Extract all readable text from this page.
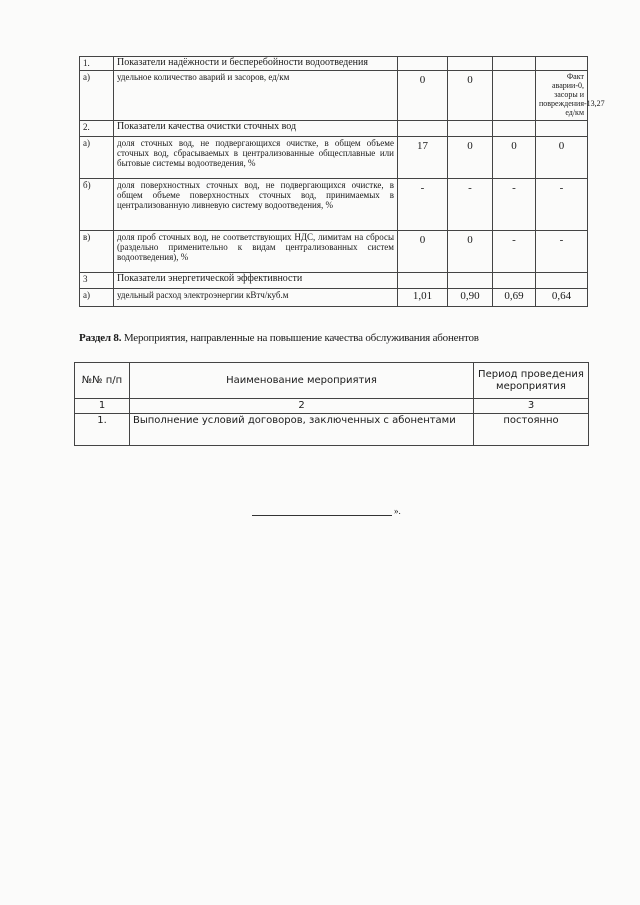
1.	Показатели надёжности и бесперебойности водоотведения				
а)	удельное количество аварий и засоров, ед/км	0	0		Факт аварии-0, засоры и повреждения-13,27 ед/км
2.	Показатели качества очистки сточных вод				
а)	доля сточных вод, не подвергающихся очистке, в общем объеме сточных вод, сбрасываемых в централизованные общесплавные или бытовые системы водоотведения, %	17	0	0	0
б)	доля поверхностных сточных вод, не подвергающихся очистке, в общем объеме поверхностных сточных вод, принимаемых в централизованную ливневую систему водоотведения, %	-	-	-	-
в)	доля проб сточных вод, не соответствующих НДС, лимитам на сбросы (раздельно применительно к видам централизованных систем водоотведения), %	0	0	-	-
3	Показатели энергетической эффективности				
а)	удельный расход электроэнергии кВтч/куб.м	1,01	0,90	0,69	0,64
Раздел 8. Мероприятия, направленные на повышение качества обслуживания абонентов
№№ п/п	Наименование мероприятия	Период проведения мероприятия
1	2	3
1.	Выполнение условий договоров, заключенных с абонентами	постоянно
».
